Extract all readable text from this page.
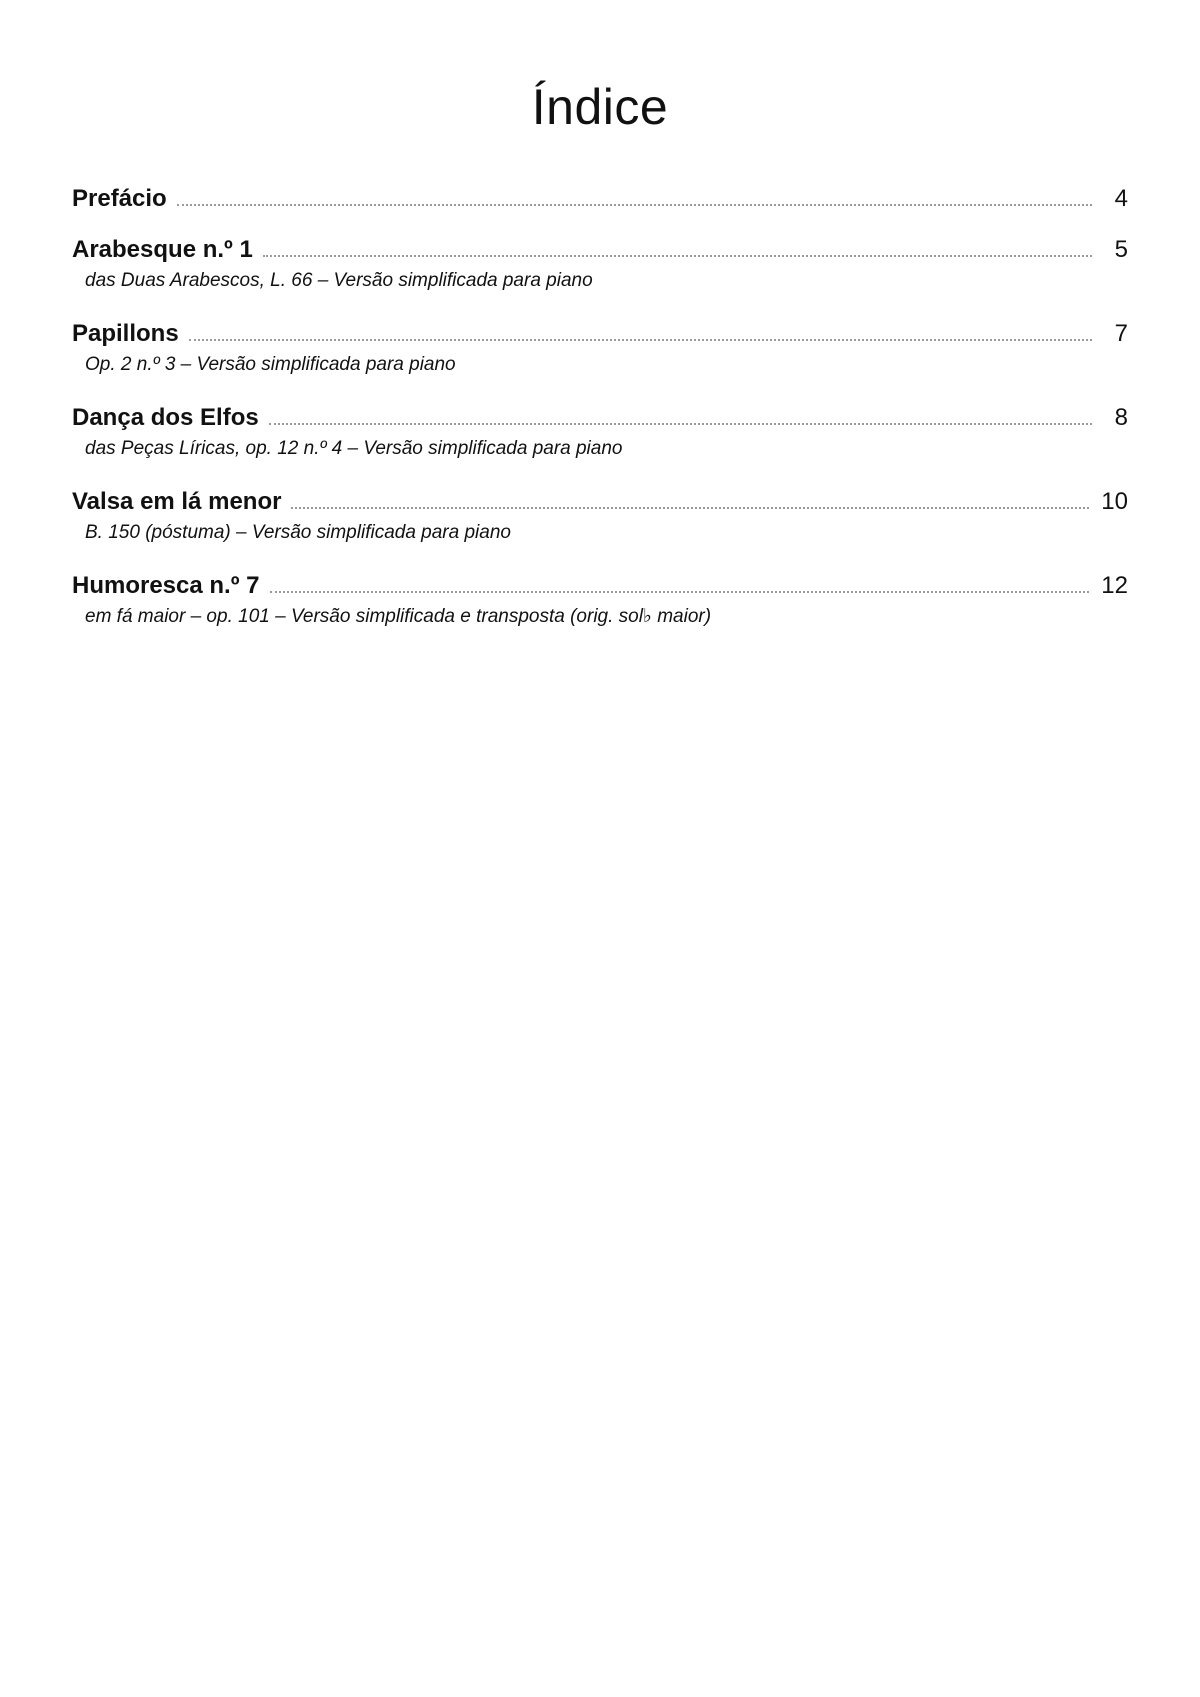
Índice
Prefácio	4
Arabesque n.º 1	5
das Duas Arabescos, L. 66 – Versão simplificada para piano
Papillons	7
Op. 2 n.º 3 – Versão simplificada para piano
Dança dos Elfos	8
das Peças Líricas, op. 12 n.º 4 – Versão simplificada para piano
Valsa em lá menor	10
B. 150 (póstuma) – Versão simplificada para piano
Humoresca n.º 7	12
em fá maior – op. 101 – Versão simplificada e transposta (orig. sol♭ maior)
